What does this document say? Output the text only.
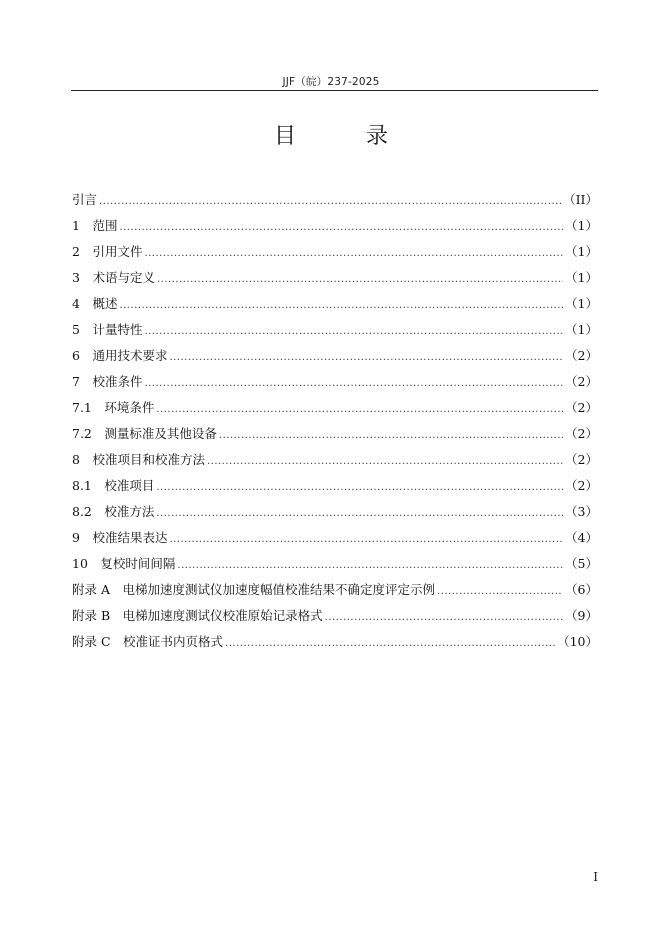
JJF（皖）237-2025
目　录
引言 .....	（II）
1　范围 .....	（1）
2　引用文件 .....	（1）
3　术语与定义 .....	（1）
4　概述 .....	（1）
5　计量特性 .....	（1）
6　通用技术要求 .....	（2）
7　校准条件 .....	（2）
7.1　环境条件 .....	（2）
7.2　测量标准及其他设备 .....	（2）
8　校准项目和校准方法 .....	（2）
8.1　校准项目 .....	（2）
8.2　校准方法 .....	（3）
9　校准结果表达 .....	（4）
10　复校时间间隔 .....	（5）
附录 A　电梯加速度测试仪加速度幅值校准结果不确定度评定示例 .....	（6）
附录 B　电梯加速度测试仪校准原始记录格式 .....	（9）
附录 C　校准证书内页格式 .....	（10）
I
